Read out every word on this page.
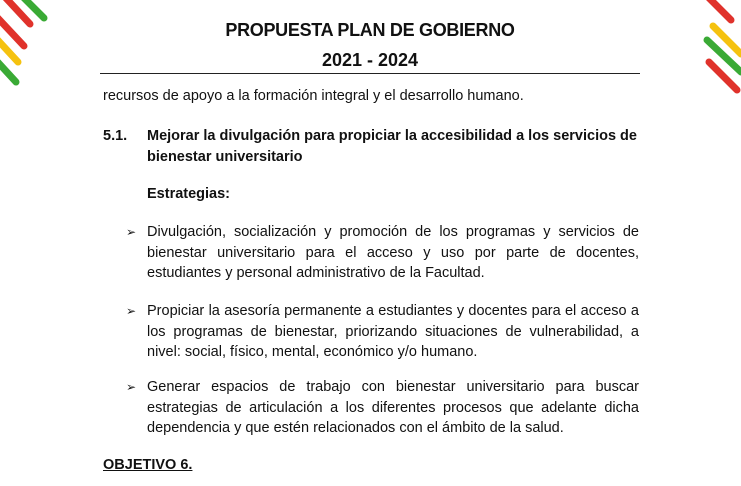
PROPUESTA PLAN DE GOBIERNO
2021 - 2024
recursos de apoyo a la formación integral y el desarrollo humano.
5.1. Mejorar la divulgación para propiciar la accesibilidad a los servicios de bienestar universitario
Estrategias:
➢ Divulgación, socialización y promoción de los programas y servicios de bienestar universitario para el acceso y uso por parte de docentes, estudiantes y personal administrativo de la Facultad.
➢ Propiciar la asesoría permanente a estudiantes y docentes para el acceso a los programas de bienestar, priorizando situaciones de vulnerabilidad, a nivel: social, físico, mental, económico y/o humano.
➢ Generar espacios de trabajo con bienestar universitario para buscar estrategias de articulación a los diferentes procesos que adelante dicha dependencia y que estén relacionados con el ámbito de la salud.
OBJETIVO 6.
